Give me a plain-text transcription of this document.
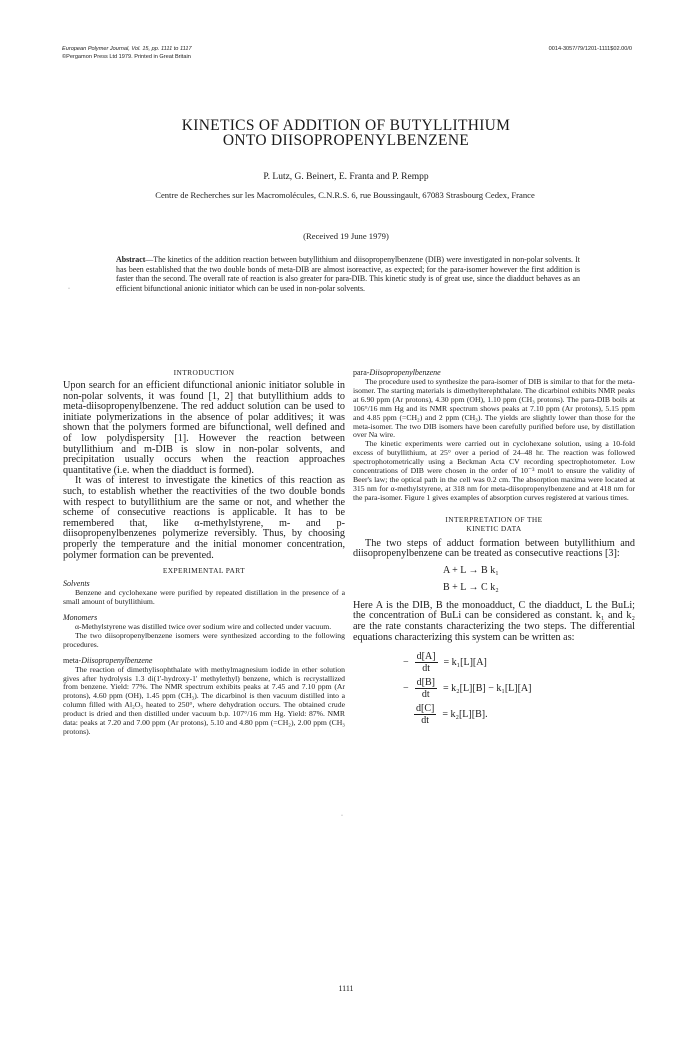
European Polymer Journal, Vol. 15, pp. 1111 to 1117
©Pergamon Press Ltd 1979. Printed in Great Britain
0014-3057/79/1201-1111$02.00/0
KINETICS OF ADDITION OF BUTYLLITHIUM
ONTO DIISOPROPENYLBENZENE
P. Lutz, G. Beinert, E. Franta and P. Rempp
Centre de Recherches sur les Macromolécules, C.N.R.S. 6, rue Boussingault, 67083 Strasbourg Cedex, France
(Received 19 June 1979)
Abstract—The kinetics of the addition reaction between butyllithium and diisopropenylbenzene (DIB) were investigated in non-polar solvents. It has been established that the two double bonds of meta-DIB are almost isoreactive, as expected; for the para-isomer however the first addition is faster than the second. The overall rate of reaction is also greater for para-DIB. This kinetic study is of great use, since the diadduct behaves as an efficient bifunctional anionic initiator which can be used in non-polar solvents.
·
INTRODUCTION

Upon search for an efficient difunctional anionic initiator soluble in non-polar solvents, it was found [1, 2] that butyllithium adds to meta-diisopropenylbenzene. The red adduct solution can be used to initiate polymerizations in the absence of polar additives; it was shown that the polymers formed are bifunctional, well defined and of low polydispersity [1]. However the reaction between butyllithium and m-DIB is slow in non-polar solvents, and precipitation usually occurs when the reaction approaches quantitative (i.e. when the diadduct is formed).

It was of interest to investigate the kinetics of this reaction as such, to establish whether the reactivities of the two double bonds with respect to butyllithium are the same or not, and whether the scheme of consecutive reactions is applicable. It has to be remembered that, like α-methylstyrene, m- and p-diisopropenylbenzenes polymerize reversibly. Thus, by choosing properly the temperature and the initial monomer concentration, polymer formation can be prevented.

EXPERIMENTAL PART
Solvents

Benzene and cyclohexane were purified by repeated distillation in the presence of a small amount of butyllithium.

Monomers

α-Methylstyrene was distilled twice over sodium wire and collected under vacuum.

The two diisopropenylbenzene isomers were synthesized according to the following procedures.

meta-Diisopropenylbenzene

The reaction of dimethylisophthalate with methylmagnesium iodide in ether solution gives after hydrolysis 1.3 di(1'-hydroxy-1' methylethyl) benzene, which is recrystallized from benzene. Yield: 77%. The NMR spectrum exhibits peaks at 7.45 and 7.10 ppm (Ar protons), 4.60 ppm (OH), 1.45 ppm (CH₃). The dicarbinol is then vacuum distilled into a column filled with Al₂O₃ heated to 250°, where dehydration occurs. The obtained crude product is dried and then distilled under vacuum b.p. 107°/16 mm Hg. Yield: 87%. NMR data: peaks at 7.20 and 7.00 ppm (Ar protons), 5.10 and 4.80 ppm (=CH₂), 2.00 ppm (CH₃ protons).

para-Diisopropenylbenzene

The procedure used to synthesize the para-isomer of DIB is similar to that for the meta-isomer. The starting materials is dimethylterephthalate. The dicarbinol exhibits NMR peaks at 6.90 ppm (Ar protons), 4.30 ppm (OH), 1.10 ppm (CH₃ protons). The para-DIB boils at 106°/16 mm Hg and its NMR spectrum shows peaks at 7.10 ppm (Ar protons), 5.15 ppm and 4.85 ppm (=CH₂) and 2 ppm (CH₃). The yields are slightly lower than those for the meta-isomer. The two DIB isomers have been carefully purified before use, by distillation over Na wire.

The kinetic experiments were carried out in cyclohexane solution, using a 10-fold excess of butyllithium, at 25° over a period of 24–48 hr. The reaction was followed spectrophotometrically using a Beckman Acta CV recording spectrophotometer. Low concentrations of DIB were chosen in the order of 10⁻³ mol/l to ensure the validity of Beer's law; the optical path in the cell was 0.2 cm. The absorption maxima were located at 315 nm for α-methylstyrene, at 318 nm for meta-diisopropenylbenzene and at 418 nm for the para-isomer. Figure 1 gives examples of absorption curves registered at various times.

INTERPRETATION OF THE
KINETIC DATA

The two steps of adduct formation between butyllithium and diisopropenylbenzene can be treated as consecutive reactions [3]:

A + L → B k₁
B + L → C k₂

Here A is the DIB, B the monoadduct, C the diadduct, L the BuLi; the concentration of BuLi can be considered as constant. k₁ and k₂ are the rate constants characterizing the two steps. The differential equations characterizing this system can be written as:

− $\frac{d[A]}{dt} = k_1[L][A]$
− $\frac{d[B]}{dt} = k_2[L][B] - k_1[L][A]$
$\frac{d[C]}{dt} = k_2[L][B]$.
·
1111
